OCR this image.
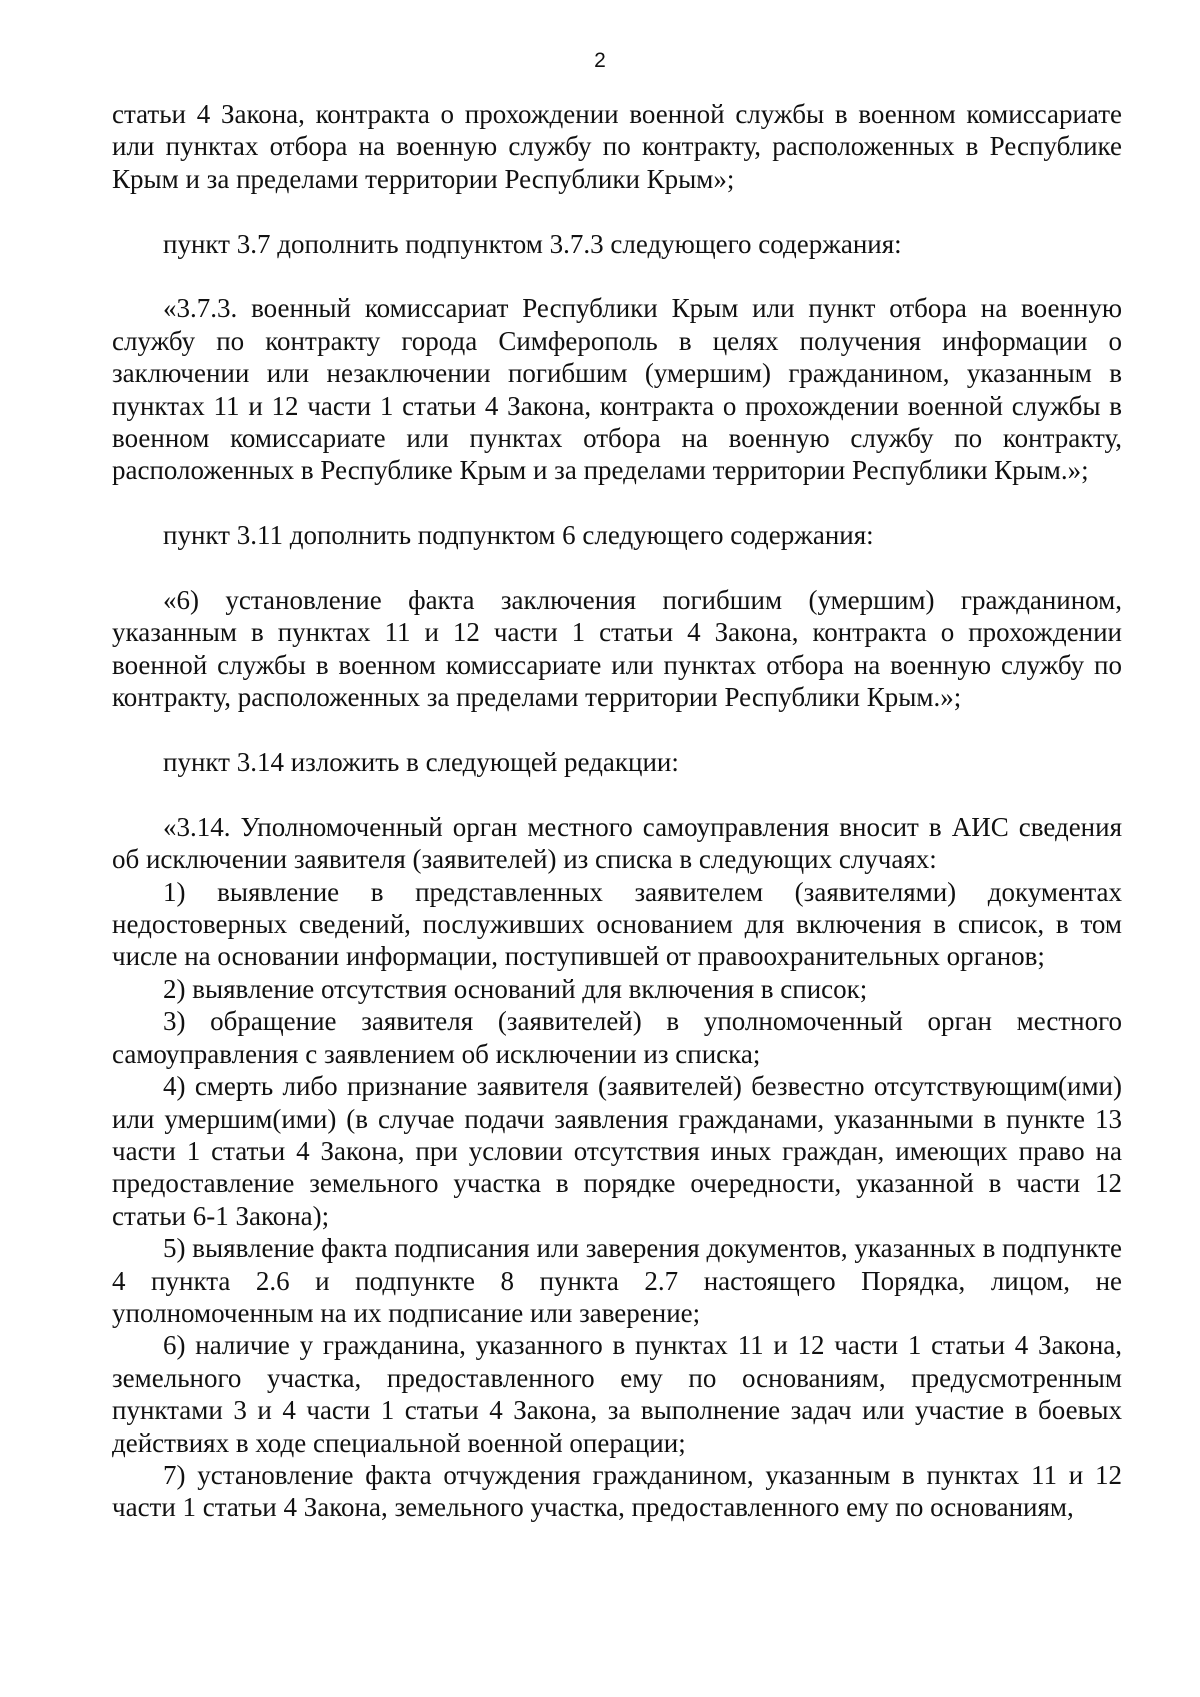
2

статьи 4 Закона, контракта о прохождении военной службы в военном комиссариате или пунктах отбора на военную службу по контракту, расположенных в Республике Крым и за пределами территории Республики Крым»;

пункт 3.7 дополнить подпунктом 3.7.3 следующего содержания:

«3.7.3. военный комиссариат Республики Крым или пункт отбора на военную службу по контракту города Симферополь в целях получения информации о заключении или незаключении погибшим (умершим) гражданином, указанным в пунктах 11 и 12 части 1 статьи 4 Закона, контракта о прохождении военной службы в военном комиссариате или пунктах отбора на военную службу по контракту, расположенных в Республике Крым и за пределами территории Республики Крым.»;

пункт 3.11 дополнить подпунктом 6 следующего содержания:

«6) установление факта заключения погибшим (умершим) гражданином, указанным в пунктах 11 и 12 части 1 статьи 4 Закона, контракта о прохождении военной службы в военном комиссариате или пунктах отбора на военную службу по контракту, расположенных за пределами территории Республики Крым.»;

пункт 3.14 изложить в следующей редакции:

«3.14. Уполномоченный орган местного самоуправления вносит в АИС сведения об исключении заявителя (заявителей) из списка в следующих случаях:

1) выявление в представленных заявителем (заявителями) документах недостоверных сведений, послуживших основанием для включения в список, в том числе на основании информации, поступившей от правоохранительных органов;

2) выявление отсутствия оснований для включения в список;

3) обращение заявителя (заявителей) в уполномоченный орган местного самоуправления с заявлением об исключении из списка;

4) смерть либо признание заявителя (заявителей) безвестно отсутствующим(ими) или умершим(ими) (в случае подачи заявления гражданами, указанными в пункте 13 части 1 статьи 4 Закона, при условии отсутствия иных граждан, имеющих право на предоставление земельного участка в порядке очередности, указанной в части 12 статьи 6-1 Закона);

5) выявление факта подписания или заверения документов, указанных в подпункте 4 пункта 2.6 и подпункте 8 пункта 2.7 настоящего Порядка, лицом, не уполномоченным на их подписание или заверение;

6) наличие у гражданина, указанного в пунктах 11 и 12 части 1 статьи 4 Закона, земельного участка, предоставленного ему по основаниям, предусмотренным пунктами 3 и 4 части 1 статьи 4 Закона, за выполнение задач или участие в боевых действиях в ходе специальной военной операции;

7) установление факта отчуждения гражданином, указанным в пунктах 11 и 12 части 1 статьи 4 Закона, земельного участка, предоставленного ему по основаниям,
